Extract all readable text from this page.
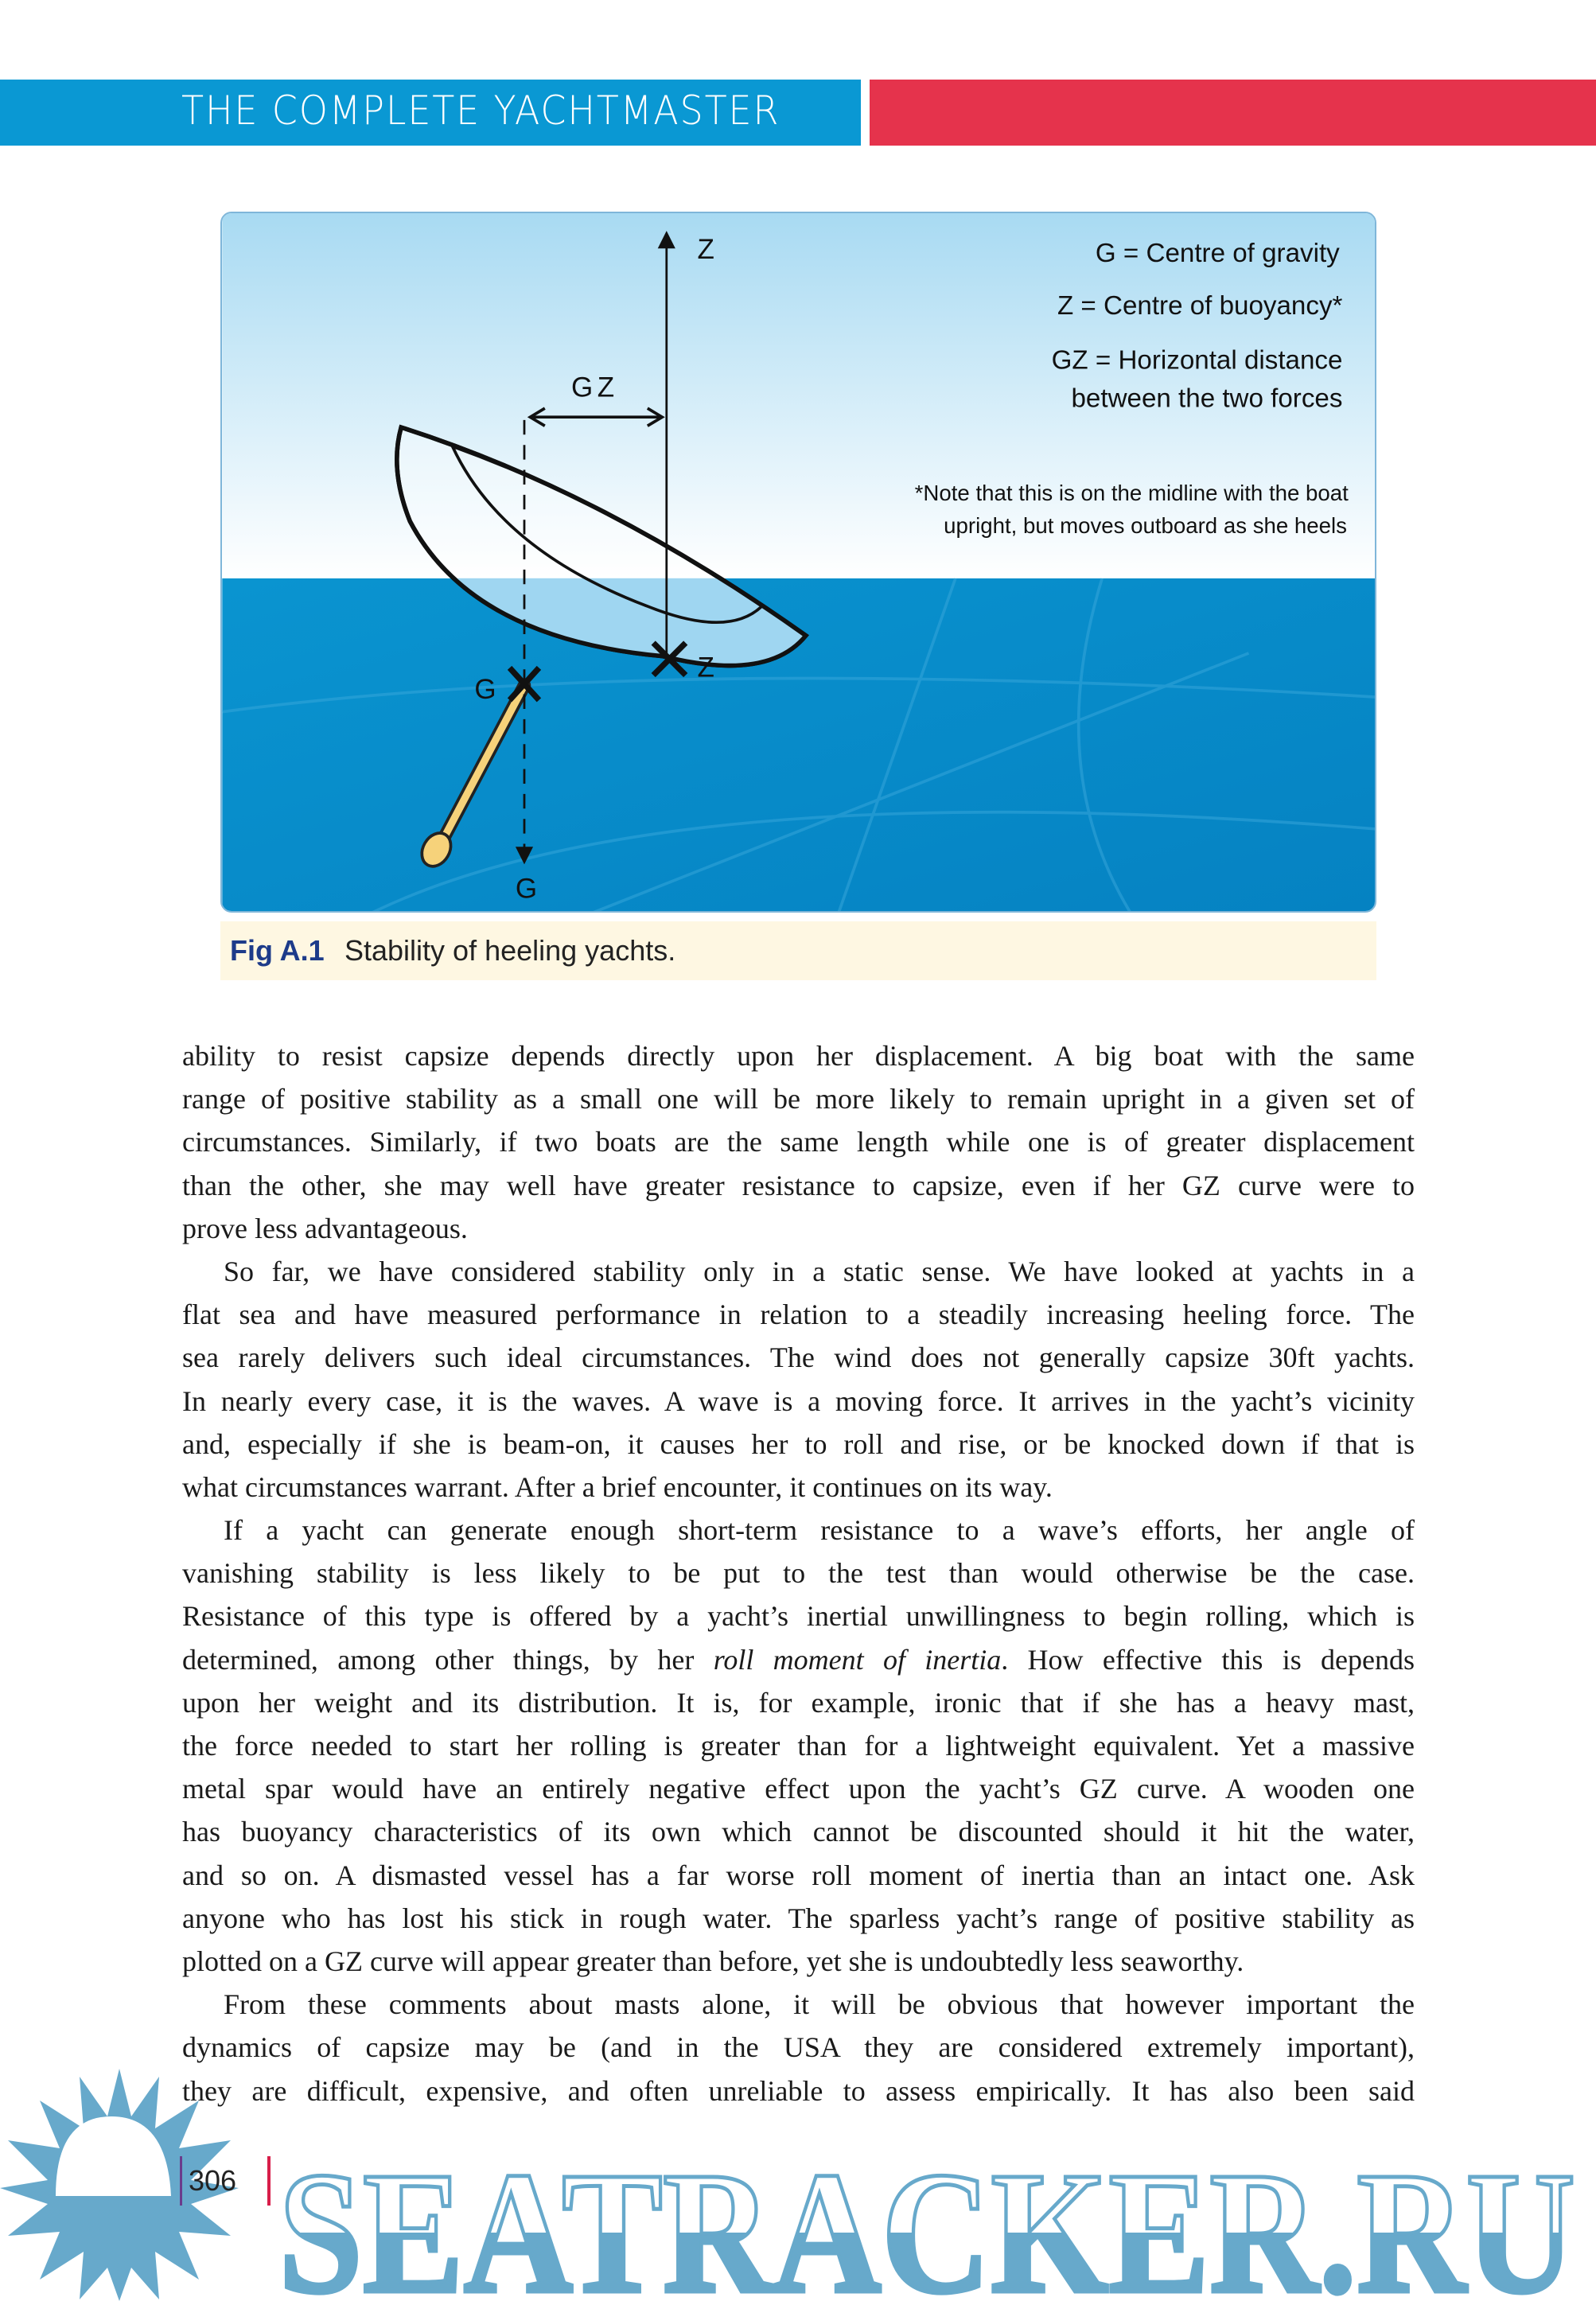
THE COMPLETE YACHTMASTER
Z
GZ
Z
G
G
G = Centre of gravity
Z = Centre of buoyancy*
GZ = Horizontal distance
between the two forces
*Note that this is on the midline with the boat
upright, but moves outboard as she heels
Fig A.1 Stability of heeling yachts.
ability to resist capsize depends directly upon her displacement. A big boat with the same
range of positive stability as a small one will be more likely to remain upright in a given set of
circumstances. Similarly, if two boats are the same length while one is of greater displacement
than the other, she may well have greater resistance to capsize, even if her GZ curve were to
prove less advantageous.
So far, we have considered stability only in a static sense. We have looked at yachts in a
flat sea and have measured performance in relation to a steadily increasing heeling force. The
sea rarely delivers such ideal circumstances. The wind does not generally capsize 30ft yachts.
In nearly every case, it is the waves. A wave is a moving force. It arrives in the yacht’s vicinity
and, especially if she is beam-on, it causes her to roll and rise, or be knocked down if that is
what circumstances warrant. After a brief encounter, it continues on its way.
If a yacht can generate enough short-term resistance to a wave’s efforts, her angle of
vanishing stability is less likely to be put to the test than would otherwise be the case.
Resistance of this type is offered by a yacht’s inertial unwillingness to begin rolling, which is
determined, among other things, by her roll moment of inertia. How effective this is depends
upon her weight and its distribution. It is, for example, ironic that if she has a heavy mast,
the force needed to start her rolling is greater than for a lightweight equivalent. Yet a massive
metal spar would have an entirely negative effect upon the yacht’s GZ curve. A wooden one
has buoyancy characteristics of its own which cannot be discounted should it hit the water,
and so on. A dismasted vessel has a far worse roll moment of inertia than an intact one. Ask
anyone who has lost his stick in rough water. The sparless yacht’s range of positive stability as
plotted on a GZ curve will appear greater than before, yet she is undoubtedly less seaworthy.
From these comments about masts alone, it will be obvious that however important the
dynamics of capsize may be (and in the USA they are considered extremely important),
they are difficult, expensive, and often unreliable to assess empirically. It has also been said
SEATRACKER.RU
306
